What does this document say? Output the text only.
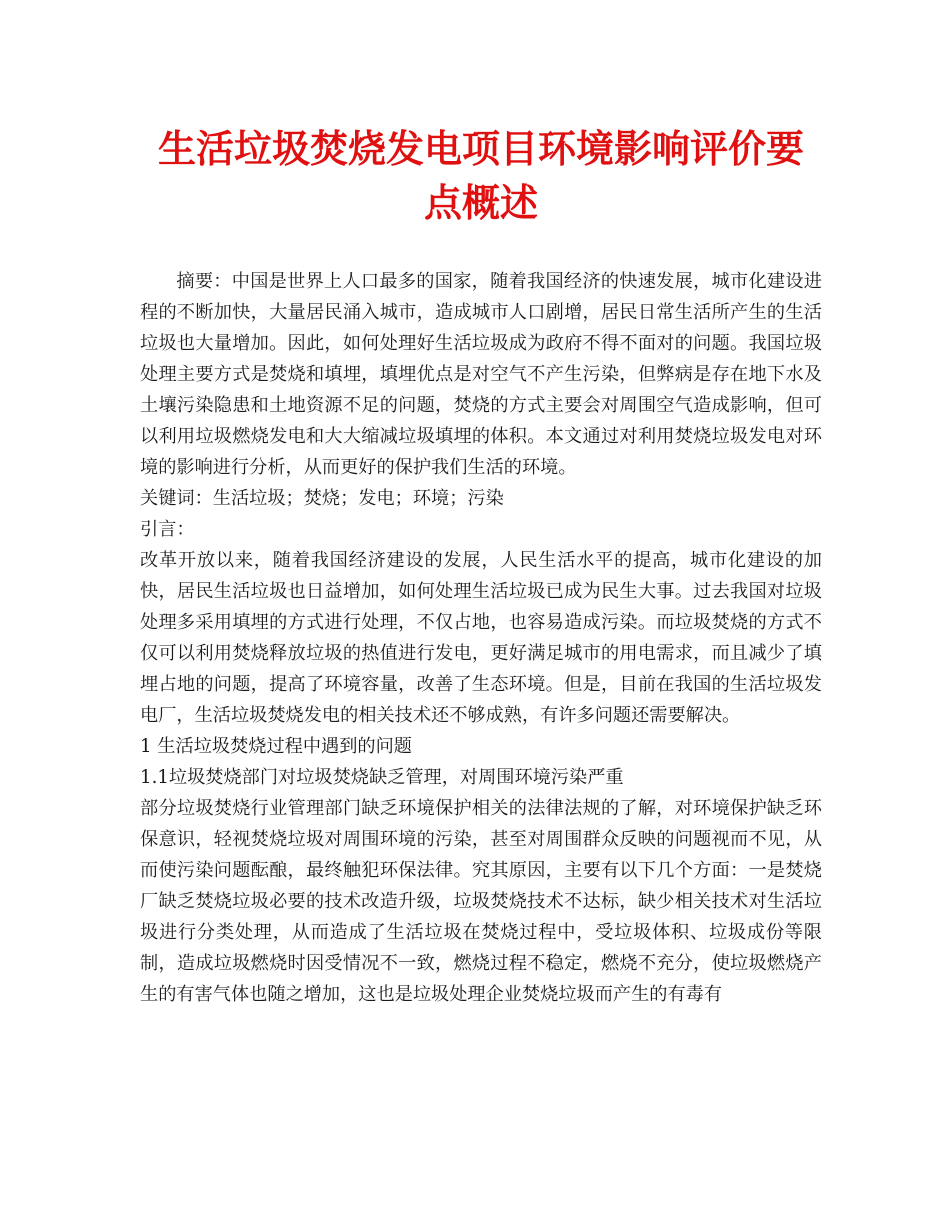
生活垃圾焚烧发电项目环境影响评价要点概述

摘要：中国是世界上人口最多的国家，随着我国经济的快速发展，城市化建设进程的不断加快，大量居民涌入城市，造成城市人口剧增，居民日常生活所产生的生活垃圾也大量增加。因此，如何处理好生活垃圾成为政府不得不面对的问题。我国垃圾处理主要方式是焚烧和填埋，填埋优点是对空气不产生污染，但弊病是存在地下水及土壤污染隐患和土地资源不足的问题，焚烧的方式主要会对周围空气造成影响，但可以利用垃圾燃烧发电和大大缩减垃圾填埋的体积。本文通过对利用焚烧垃圾发电对环境的影响进行分析，从而更好的保护我们生活的环境。

关键词：生活垃圾；焚烧；发电；环境；污染

引言：

改革开放以来，随着我国经济建设的发展，人民生活水平的提高，城市化建设的加快，居民生活垃圾也日益增加，如何处理生活垃圾已成为民生大事。过去我国对垃圾处理多采用填埋的方式进行处理，不仅占地，也容易造成污染。而垃圾焚烧的方式不仅可以利用焚烧释放垃圾的热值进行发电，更好满足城市的用电需求，而且减少了填埋占地的问题，提高了环境容量，改善了生态环境。但是，目前在我国的生活垃圾发电厂，生活垃圾焚烧发电的相关技术还不够成熟，有许多问题还需要解决。

1 生活垃圾焚烧过程中遇到的问题

1.1垃圾焚烧部门对垃圾焚烧缺乏管理，对周围环境污染严重

部分垃圾焚烧行业管理部门缺乏环境保护相关的法律法规的了解，对环境保护缺乏环保意识，轻视焚烧垃圾对周围环境的污染，甚至对周围群众反映的问题视而不见，从而使污染问题酝酿，最终触犯环保法律。究其原因，主要有以下几个方面：一是焚烧厂缺乏焚烧垃圾必要的技术改造升级，垃圾焚烧技术不达标，缺少相关技术对生活垃圾进行分类处理，从而造成了生活垃圾在焚烧过程中，受垃圾体积、垃圾成份等限制，造成垃圾燃烧时因受情况不一致，燃烧过程不稳定，燃烧不充分，使垃圾燃烧产生的有害气体也随之增加，这也是垃圾处理企业焚烧垃圾而产生的有毒有
